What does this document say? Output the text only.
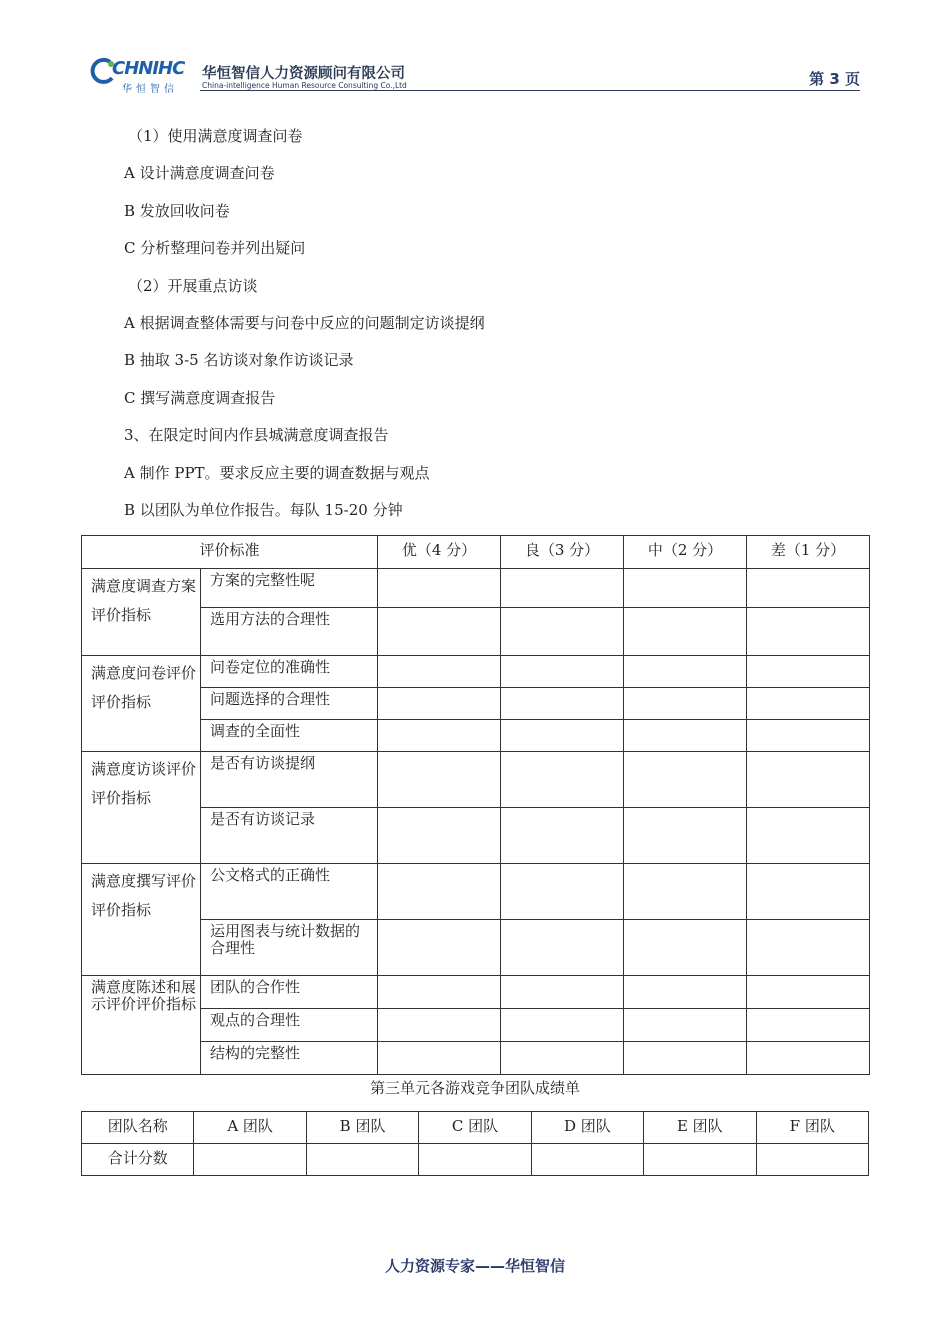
CHNIHC
华恒智信
华恒智信人力资源顾问有限公司
China-intelligence Human Resource Consulting Co.,Ltd	第 3 页
（1）使用满意度调查问卷
A 设计满意度调查问卷
B 发放回收问卷
C 分析整理问卷并列出疑问
（2）开展重点访谈
A 根据调查整体需要与问卷中反应的问题制定访谈提纲
B 抽取 3-5 名访谈对象作访谈记录
C 撰写满意度调查报告
3、在限定时间内作县城满意度调查报告
A 制作 PPT。要求反应主要的调查数据与观点
B 以团队为单位作报告。每队 15-20 分钟
评价标准		优（4 分）	良（3 分）	中（2 分）	差（1 分）
满意度调查方案评价指标	方案的完整性呢				
	选用方法的合理性				
满意度问卷评价评价指标	问卷定位的准确性				
	问题选择的合理性				
	调查的全面性				
满意度访谈评价评价指标	是否有访谈提纲				
	是否有访谈记录				
满意度撰写评价评价指标	公文格式的正确性				
	运用图表与统计数据的合理性				
满意度陈述和展示评价评价指标	团队的合作性				
	观点的合理性				
	结构的完整性				
第三单元各游戏竞争团队成绩单
团队名称	A 团队	B 团队	C 团队	D 团队	E 团队	F 团队
合计分数						
人力资源专家——华恒智信
